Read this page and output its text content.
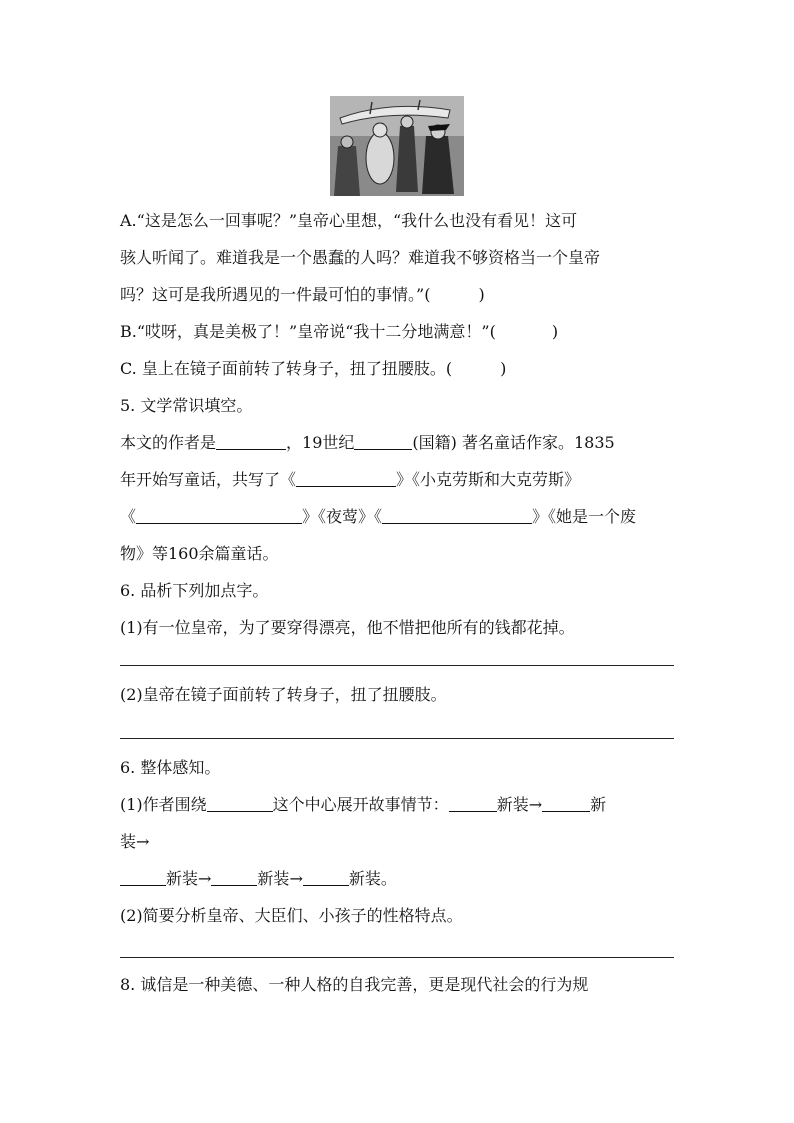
A.“这是怎么一回事呢？”皇帝心里想，“我什么也没有看见！这可
骇人听闻了。难道我是一个愚蠢的人吗？难道我不够资格当一个皇帝
吗？这可是我所遇见的一件最可怕的事情。”(	)
B.“哎呀，真是美极了！”皇帝说“我十二分地满意！”(	)
C. 皇上在镜子面前转了转身子，扭了扭腰肢。(	)
5. 文学常识填空。
本文的作者是	，19世纪	(国籍) 著名童话作家。1835
年开始写童话，共写了《	》《小克劳斯和大克劳斯》
《	》《夜莺》《	》《她是一个废
物》等160余篇童话。
6. 品析下列加点字。
(1)有一位皇帝，为了要穿得漂亮，他不惜把他所有的钱都花掉。
(2)皇帝在镜子面前转了转身子，扭了扭腰肢。
6. 整体感知。
(1)作者围绕	这个中心展开故事情节：	新装→	新
装→
新装→	新装→	新装。
(2)简要分析皇帝、大臣们、小孩子的性格特点。
8. 诚信是一种美德、一种人格的自我完善，更是现代社会的行为规
